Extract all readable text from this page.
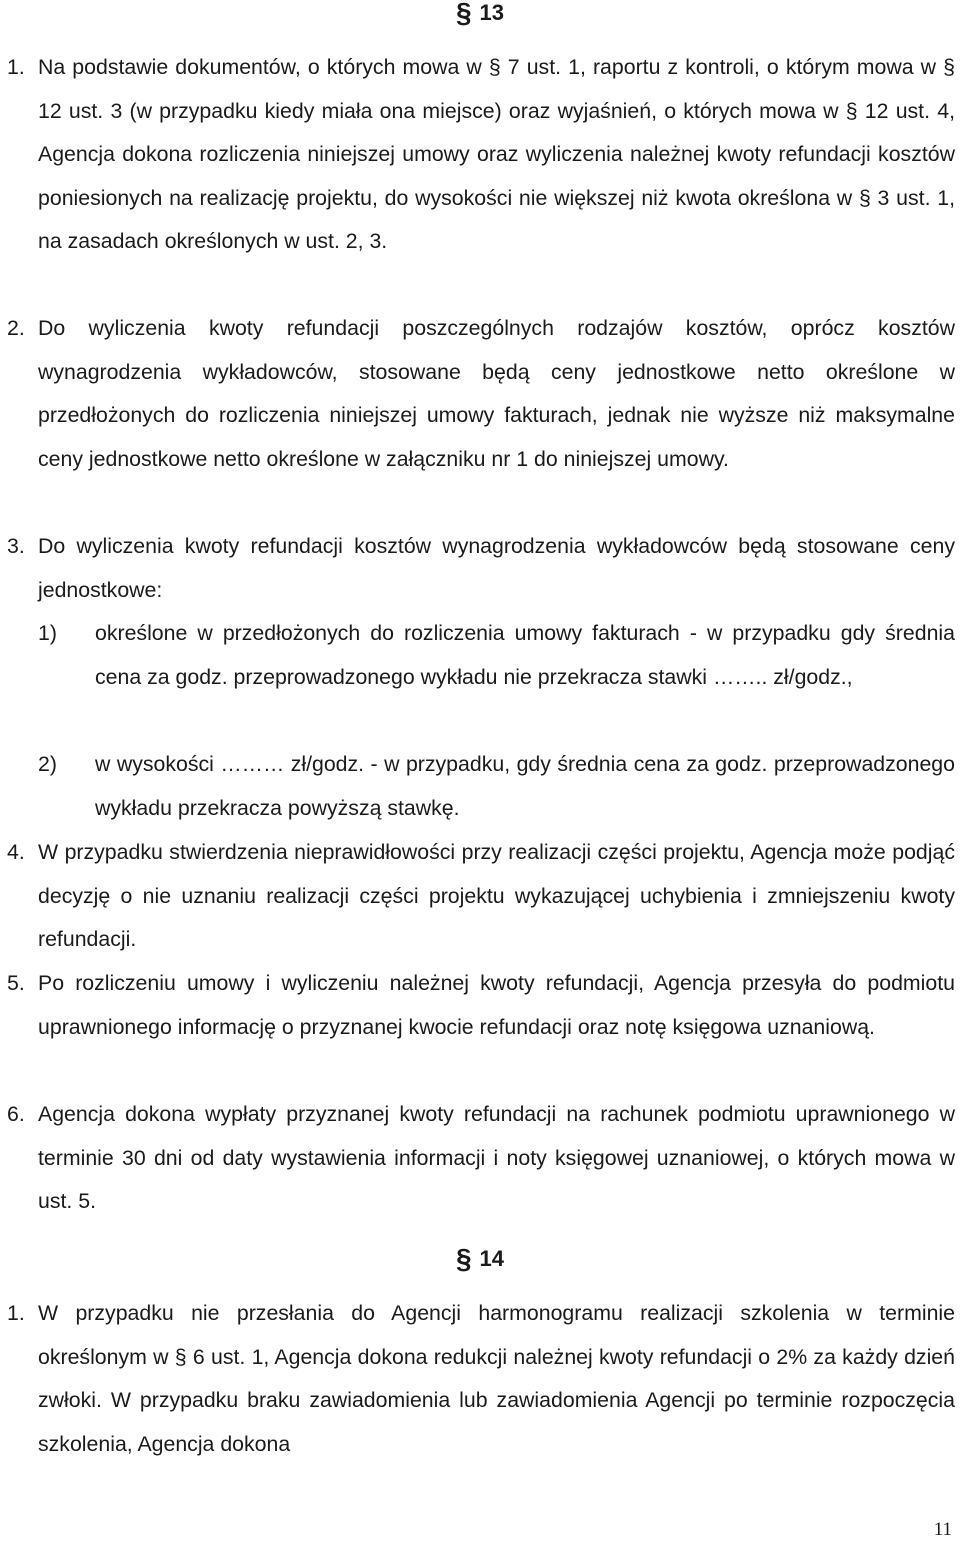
§ 13
1. Na podstawie dokumentów, o których mowa w § 7 ust. 1, raportu z kontroli, o którym mowa w § 12 ust. 3 (w przypadku kiedy miała ona miejsce) oraz wyjaśnień, o których mowa w § 12 ust. 4, Agencja dokona rozliczenia niniejszej umowy oraz wyliczenia należnej kwoty refundacji kosztów poniesionych na realizację projektu, do wysokości nie większej niż kwota określona w § 3 ust. 1, na zasadach określonych w ust. 2, 3.
2. Do wyliczenia kwoty refundacji poszczególnych rodzajów kosztów, oprócz kosztów wynagrodzenia wykładowców, stosowane będą ceny jednostkowe netto określone w przedłożonych do rozliczenia niniejszej umowy fakturach, jednak nie wyższe niż maksymalne ceny jednostkowe netto określone w załączniku nr 1 do niniejszej umowy.
3. Do wyliczenia kwoty refundacji kosztów wynagrodzenia wykładowców będą stosowane ceny jednostkowe:
1) określone w przedłożonych do rozliczenia umowy fakturach - w przypadku gdy średnia cena za godz. przeprowadzonego wykładu nie przekracza stawki …….. zł/godz.,
2) w wysokości ……… zł/godz. - w przypadku, gdy średnia cena za godz. przeprowadzonego wykładu przekracza powyższą stawkę.
4. W przypadku stwierdzenia nieprawidłowości przy realizacji części projektu, Agencja może podjąć decyzję o nie uznaniu realizacji części projektu wykazującej uchybienia i zmniejszeniu kwoty refundacji.
5. Po rozliczeniu umowy i wyliczeniu należnej kwoty refundacji, Agencja przesyła do podmiotu uprawnionego informację o przyznanej kwocie refundacji oraz notę księgowa uznaniową.
6. Agencja dokona wypłaty przyznanej kwoty refundacji na rachunek podmiotu uprawnionego w terminie 30 dni od daty wystawienia informacji i noty księgowej uznaniowej, o których mowa w ust. 5.
§ 14
1. W przypadku nie przesłania do Agencji harmonogramu realizacji szkolenia w terminie określonym w § 6 ust. 1, Agencja dokona redukcji należnej kwoty refundacji o 2% za każdy dzień zwłoki. W przypadku braku zawiadomienia lub zawiadomienia Agencji po terminie rozpoczęcia szkolenia, Agencja dokona
11
